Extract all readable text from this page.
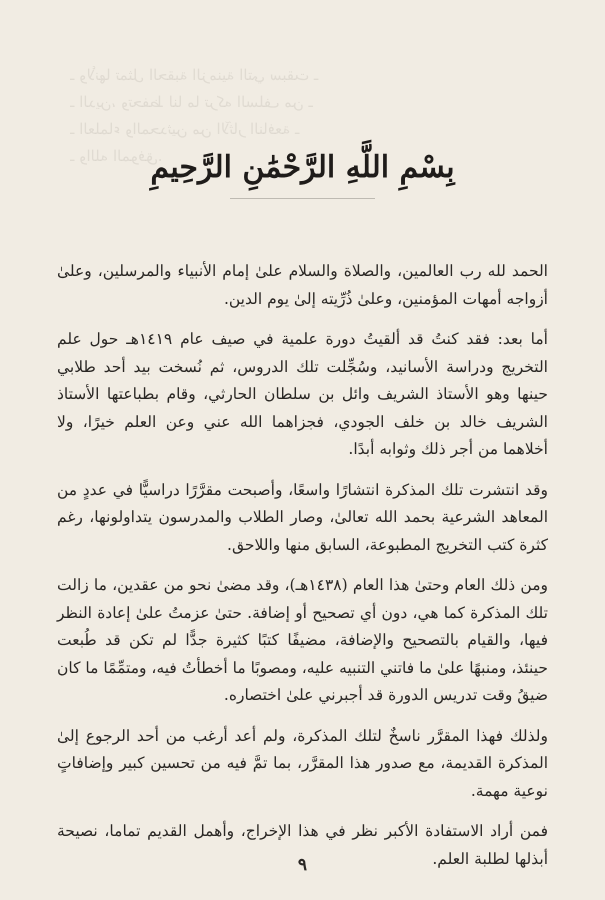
ـ ولأنها تمثل الحقبة الزمنية التي سبقت ـ
ـ الدين، وتحفظ لنا ما تركه السلف من ـ
ـ العلماء والمحدثين من الآثار النافعة ـ
ـ والله الموفق.
بِسْمِ اللَّهِ الرَّحْمَٰنِ الرَّحِيمِ

الحمد لله رب العالمين، والصلاة والسلام علىٰ إمام الأنبياء والمرسلين، وعلىٰ أزواجه أمهات المؤمنين، وعلىٰ ذُرِّيته إلىٰ يوم الدين.

أما بعد: فقد كنتُ قد ألقيتُ دورة علمية في صيف عام ١٤١٩هـ حول علم التخريج ودراسة الأسانيد، وسُجِّلت تلك الدروس، ثم نُسخت بيد أحد طلابي حينها وهو الأستاذ الشريف وائل بن سلطان الحارثي، وقام بطباعتها الأستاذ الشريف خالد بن خلف الجودي، فجزاهما الله عني وعن العلم خيرًا، ولا أخلاهما من أجر ذلك وثوابه أبدًا.

وقد انتشرت تلك المذكرة انتشارًا واسعًا، وأصبحت مقرَّرًا دراسيًّا في عددٍ من المعاهد الشرعية بحمد الله تعالىٰ، وصار الطلاب والمدرسون يتداولونها، رغم كثرة كتب التخريج المطبوعة، السابق منها واللاحق.

ومن ذلك العام وحتىٰ هذا العام (١٤٣٨هـ)، وقد مضىٰ نحو من عقدين، ما زالت تلك المذكرة كما هي، دون أي تصحيح أو إضافة. حتىٰ عزمتُ علىٰ إعادة النظر فيها، والقيام بالتصحيح والإضافة، مضيفًا كتبًا كثيرة جدًّا لم تكن قد طُبعت حينئذ، ومنبهًا علىٰ ما فاتني التنبيه عليه، ومصوبًا ما أخطأتُ فيه، ومتمِّمًا ما كان ضيقُ وقت تدريس الدورة قد أجبرني علىٰ اختصاره.

ولذلك فهذا المقرَّر ناسخٌ لتلك المذكرة، ولم أعد أرغب من أحد الرجوع إلىٰ المذكرة القديمة، مع صدور هذا المقرَّر، بما تمَّ فيه من تحسين كبير وإضافاتٍ نوعية مهمة.

فمن أراد الاستفادة الأكبر نظر في هذا الإخراج، وأهمل القديم تماما، نصيحة أبذلها لطلبة العلم.

٩
